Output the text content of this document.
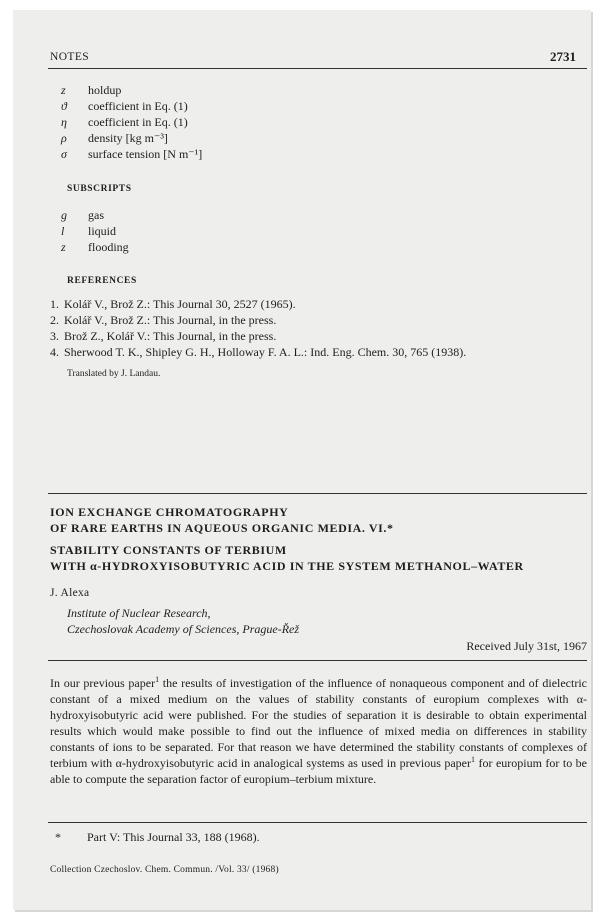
NOTES	2731
z	holdup
ϑ	coefficient in Eq. (1)
η	coefficient in Eq. (1)
ρ	density [kg m⁻³]
σ	surface tension [N m⁻¹]
SUBSCRIPTS
g	gas
l	liquid
z	flooding
REFERENCES
1. Kolář V., Brož Z.: This Journal 30, 2527 (1965).
2. Kolář V., Brož Z.: This Journal, in the press.
3. Brož Z., Kolář V.: This Journal, in the press.
4. Sherwood T. K., Shipley G. H., Holloway F. A. L.: Ind. Eng. Chem. 30, 765 (1938).
Translated by J. Landau.
ION EXCHANGE CHROMATOGRAPHY
OF RARE EARTHS IN AQUEOUS ORGANIC MEDIA. VI.*
STABILITY CONSTANTS OF TERBIUM
WITH α-HYDROXYISOBUTYRIC ACID IN THE SYSTEM METHANOL–WATER
J. Alexa
Institute of Nuclear Research,
Czechoslovak Academy of Sciences, Prague-Řež
Received July 31st, 1967
In our previous paper$^1$ the results of investigation of the influence of nonaqueous component and of dielectric constant of a mixed medium on the values of stability constants of europium complexes with α-hydroxyisobutyric acid were published. For the studies of separation it is desirable to obtain experimental results which would make possible to find out the influence of mixed media on differences in stability constants of ions to be separated. For that reason we have determined the stability constants of complexes of terbium with α-hydroxyisobutyric acid in analogical systems as used in previous paper$^1$ for europium for to be able to compute the separation factor of europium–terbium mixture.
* Part V: This Journal 33, 188 (1968).
Collection Czechoslov. Chem. Commun. /Vol. 33/ (1968)
